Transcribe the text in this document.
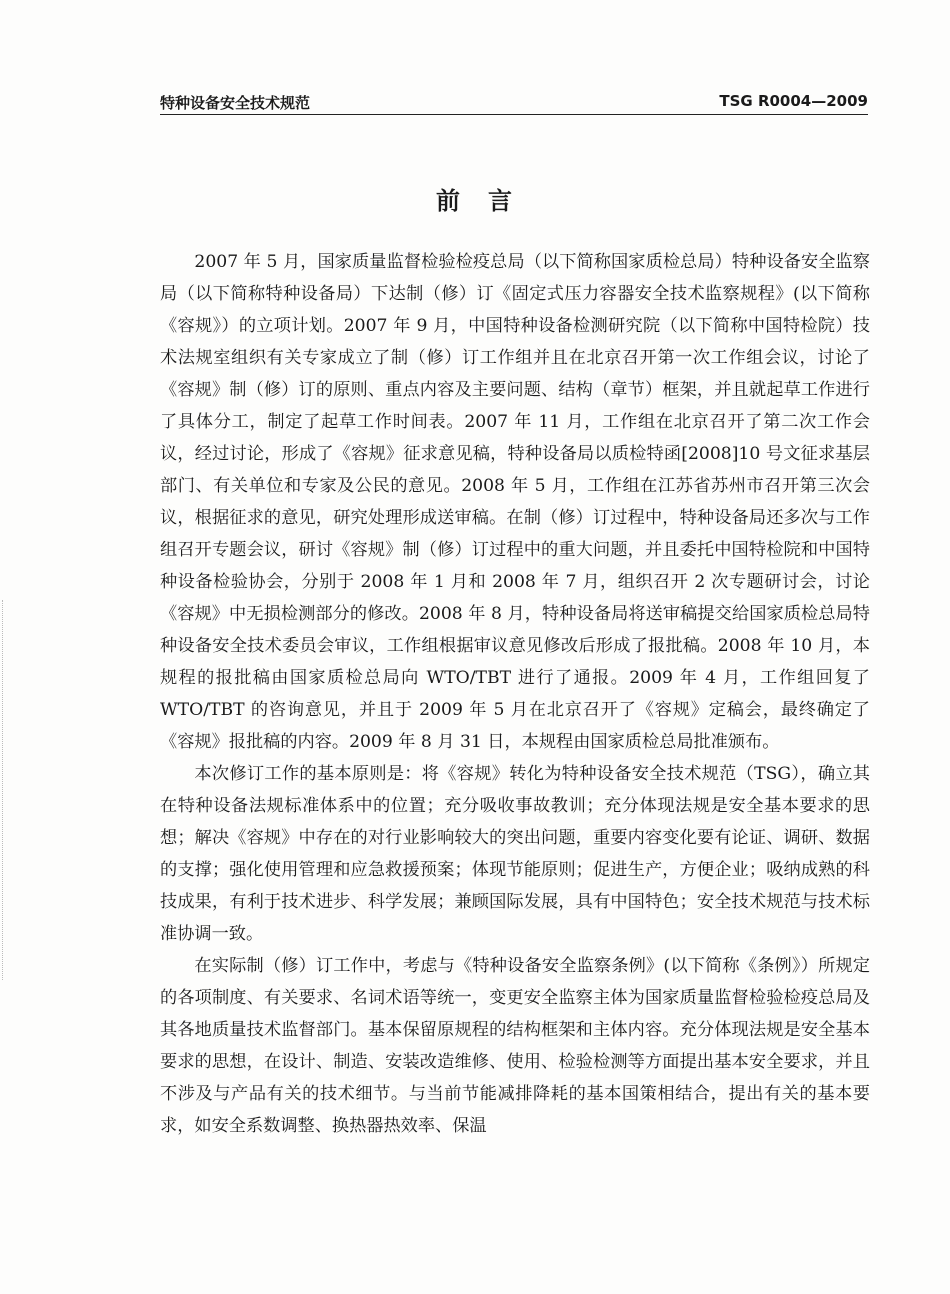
特种设备安全技术规范	TSG R0004—2009
前　言

2007 年 5 月，国家质量监督检验检疫总局（以下简称国家质检总局）特种设备安全监察局（以下简称特种设备局）下达制（修）订《固定式压力容器安全技术监察规程》(以下简称《容规》）的立项计划。2007 年 9 月，中国特种设备检测研究院（以下简称中国特检院）技术法规室组织有关专家成立了制（修）订工作组并且在北京召开第一次工作组会议，讨论了《容规》制（修）订的原则、重点内容及主要问题、结构（章节）框架，并且就起草工作进行了具体分工，制定了起草工作时间表。2007 年 11 月，工作组在北京召开了第二次工作会议，经过讨论，形成了《容规》征求意见稿，特种设备局以质检特函[2008]10 号文征求基层部门、有关单位和专家及公民的意见。2008 年 5 月，工作组在江苏省苏州市召开第三次会议，根据征求的意见，研究处理形成送审稿。在制（修）订过程中，特种设备局还多次与工作组召开专题会议，研讨《容规》制（修）订过程中的重大问题，并且委托中国特检院和中国特种设备检验协会，分别于 2008 年 1 月和 2008 年 7 月，组织召开 2 次专题研讨会，讨论《容规》中无损检测部分的修改。2008 年 8 月，特种设备局将送审稿提交给国家质检总局特种设备安全技术委员会审议，工作组根据审议意见修改后形成了报批稿。2008 年 10 月，本规程的报批稿由国家质检总局向 WTO/TBT 进行了通报。2009 年 4 月，工作组回复了 WTO/TBT 的咨询意见，并且于 2009 年 5 月在北京召开了《容规》定稿会，最终确定了《容规》报批稿的内容。2009 年 8 月 31 日，本规程由国家质检总局批准颁布。

本次修订工作的基本原则是：将《容规》转化为特种设备安全技术规范（TSG），确立其在特种设备法规标准体系中的位置；充分吸收事故教训；充分体现法规是安全基本要求的思想；解决《容规》中存在的对行业影响较大的突出问题，重要内容变化要有论证、调研、数据的支撑；强化使用管理和应急救援预案；体现节能原则；促进生产，方便企业；吸纳成熟的科技成果，有利于技术进步、科学发展；兼顾国际发展，具有中国特色；安全技术规范与技术标准协调一致。

在实际制（修）订工作中，考虑与《特种设备安全监察条例》(以下简称《条例》）所规定的各项制度、有关要求、名词术语等统一，变更安全监察主体为国家质量监督检验检疫总局及其各地质量技术监督部门。基本保留原规程的结构框架和主体内容。充分体现法规是安全基本要求的思想，在设计、制造、安装改造维修、使用、检验检测等方面提出基本安全要求，并且不涉及与产品有关的技术细节。与当前节能减排降耗的基本国策相结合，提出有关的基本要求，如安全系数调整、换热器热效率、保温
